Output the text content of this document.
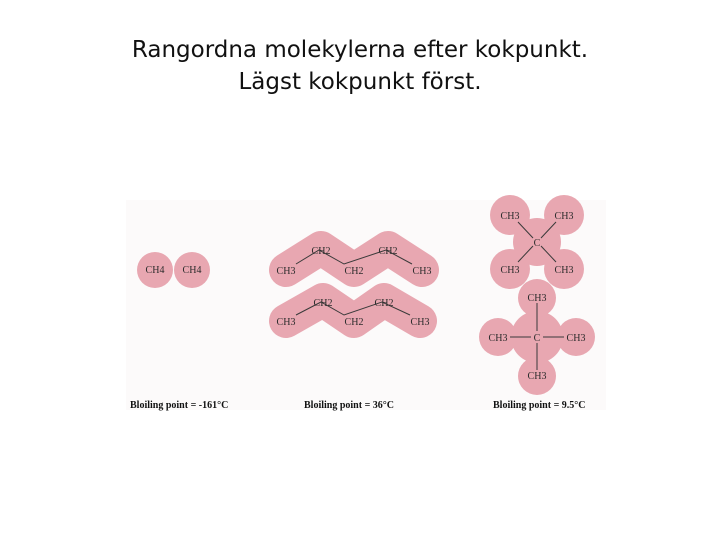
Rangordna molekylerna efter kokpunkt.
Lägst kokpunkt först.
CH4 CH4
CH2	CH2
CH3	CH2	CH3
CH2	CH2
CH3	CH2	CH3
CH3	CH3
C
CH3	CH3
CH3
CH3	C	CH3
CH3
Bloiling point = -161°C	Bloiling point = 36°C	Bloiling point = 9.5°C
